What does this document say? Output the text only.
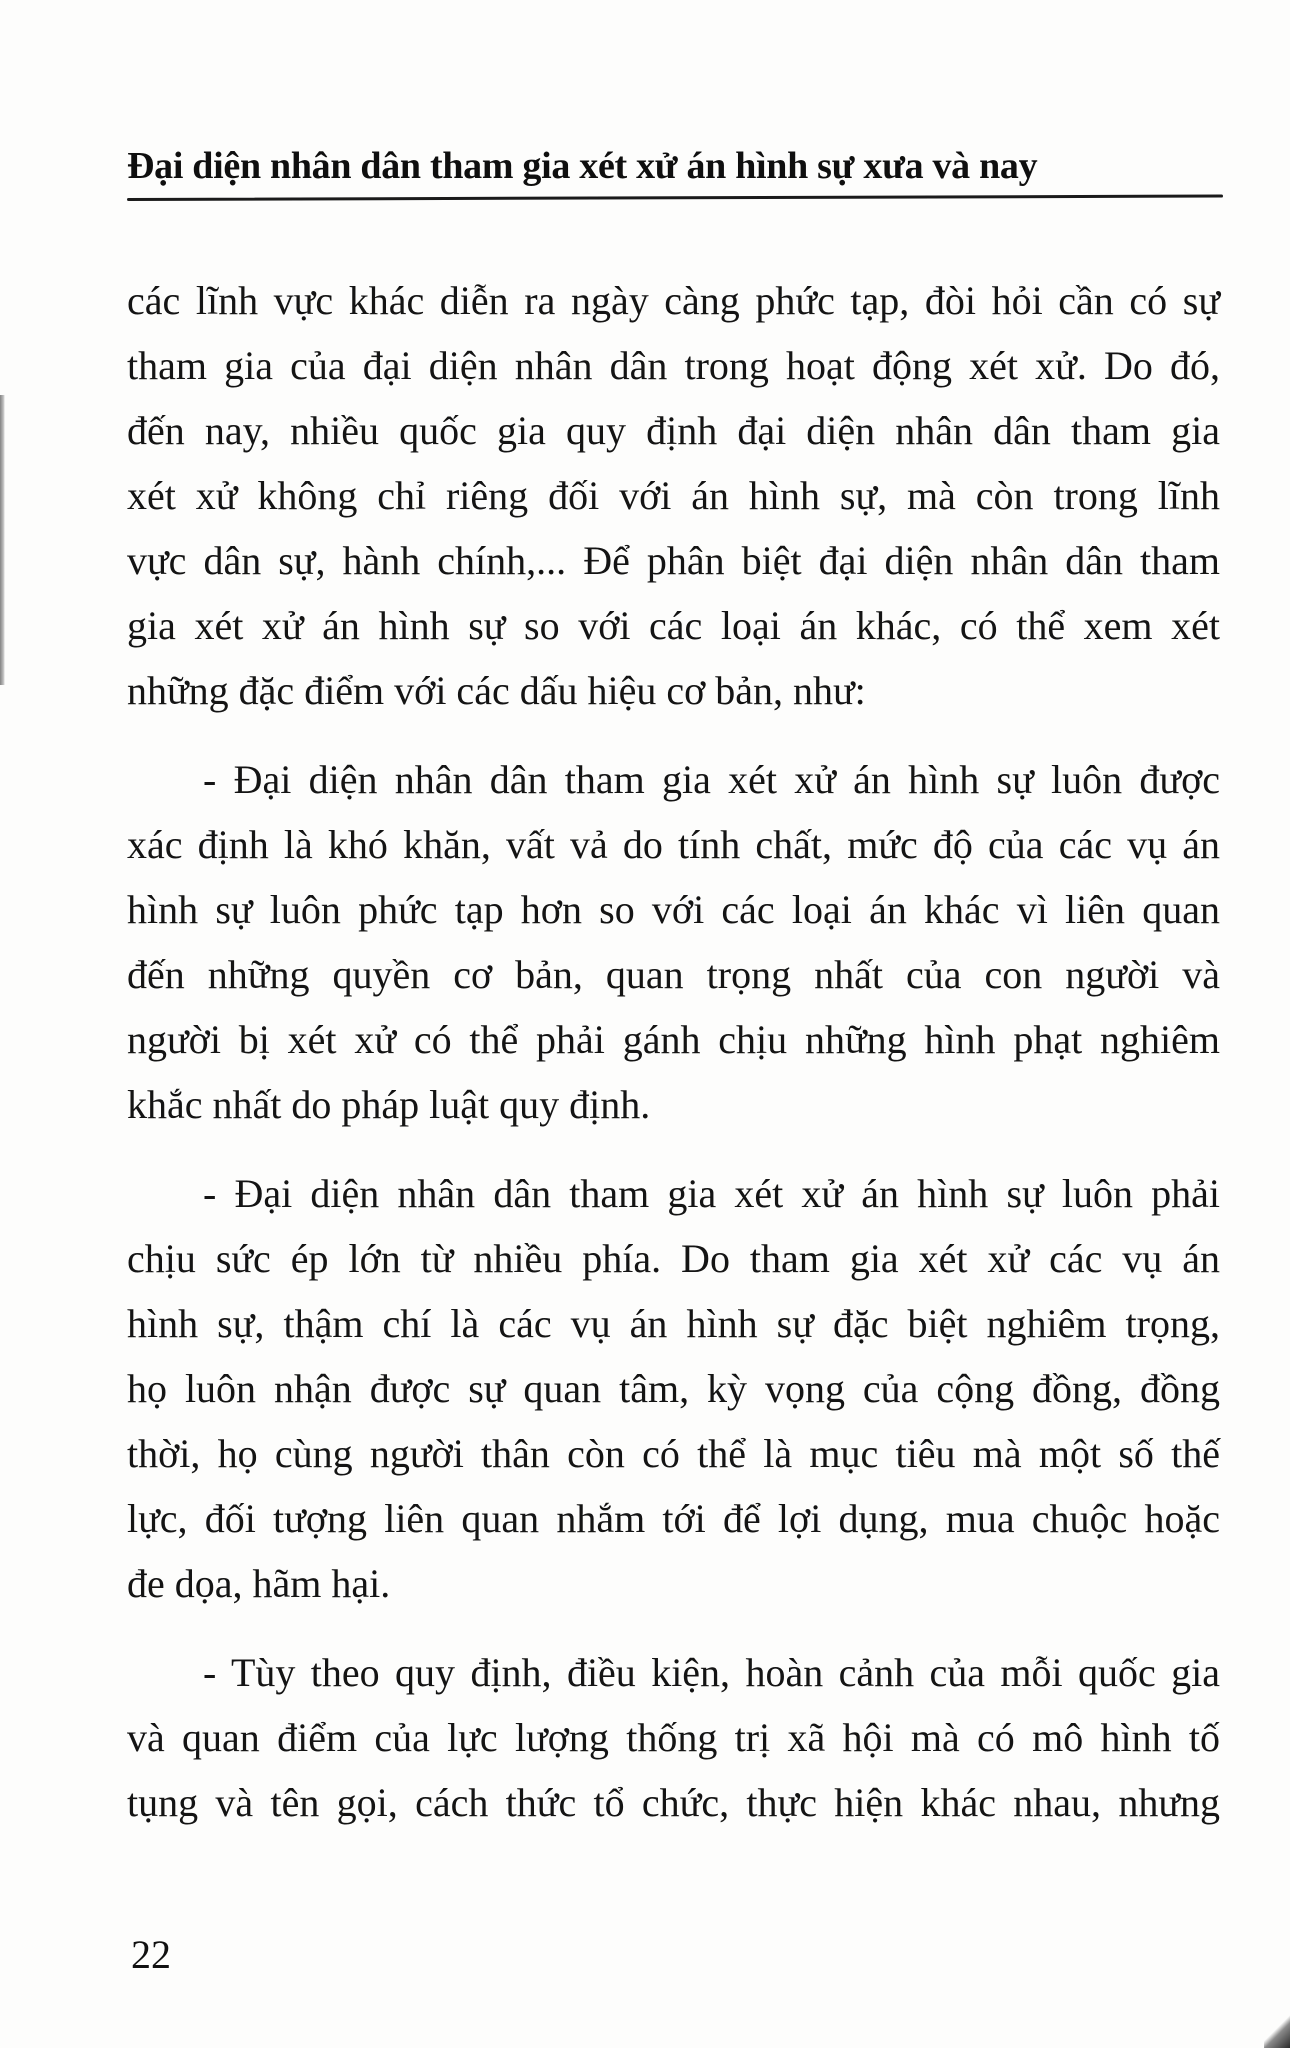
Đại diện nhân dân tham gia xét xử án hình sự xưa và nay

các lĩnh vực khác diễn ra ngày càng phức tạp, đòi hỏi cần có sự
tham gia của đại diện nhân dân trong hoạt động xét xử. Do đó,
đến nay, nhiều quốc gia quy định đại diện nhân dân tham gia
xét xử không chỉ riêng đối với án hình sự, mà còn trong lĩnh
vực dân sự, hành chính,... Để phân biệt đại diện nhân dân tham
gia xét xử án hình sự so với các loại án khác, có thể xem xét
những đặc điểm với các dấu hiệu cơ bản, như:

- Đại diện nhân dân tham gia xét xử án hình sự luôn được
xác định là khó khăn, vất vả do tính chất, mức độ của các vụ án
hình sự luôn phức tạp hơn so với các loại án khác vì liên quan
đến những quyền cơ bản, quan trọng nhất của con người và
người bị xét xử có thể phải gánh chịu những hình phạt nghiêm
khắc nhất do pháp luật quy định.

- Đại diện nhân dân tham gia xét xử án hình sự luôn phải
chịu sức ép lớn từ nhiều phía. Do tham gia xét xử các vụ án
hình sự, thậm chí là các vụ án hình sự đặc biệt nghiêm trọng,
họ luôn nhận được sự quan tâm, kỳ vọng của cộng đồng, đồng
thời, họ cùng người thân còn có thể là mục tiêu mà một số thế
lực, đối tượng liên quan nhắm tới để lợi dụng, mua chuộc hoặc
đe dọa, hãm hại.

- Tùy theo quy định, điều kiện, hoàn cảnh của mỗi quốc gia
và quan điểm của lực lượng thống trị xã hội mà có mô hình tố
tụng và tên gọi, cách thức tổ chức, thực hiện khác nhau, nhưng

22
